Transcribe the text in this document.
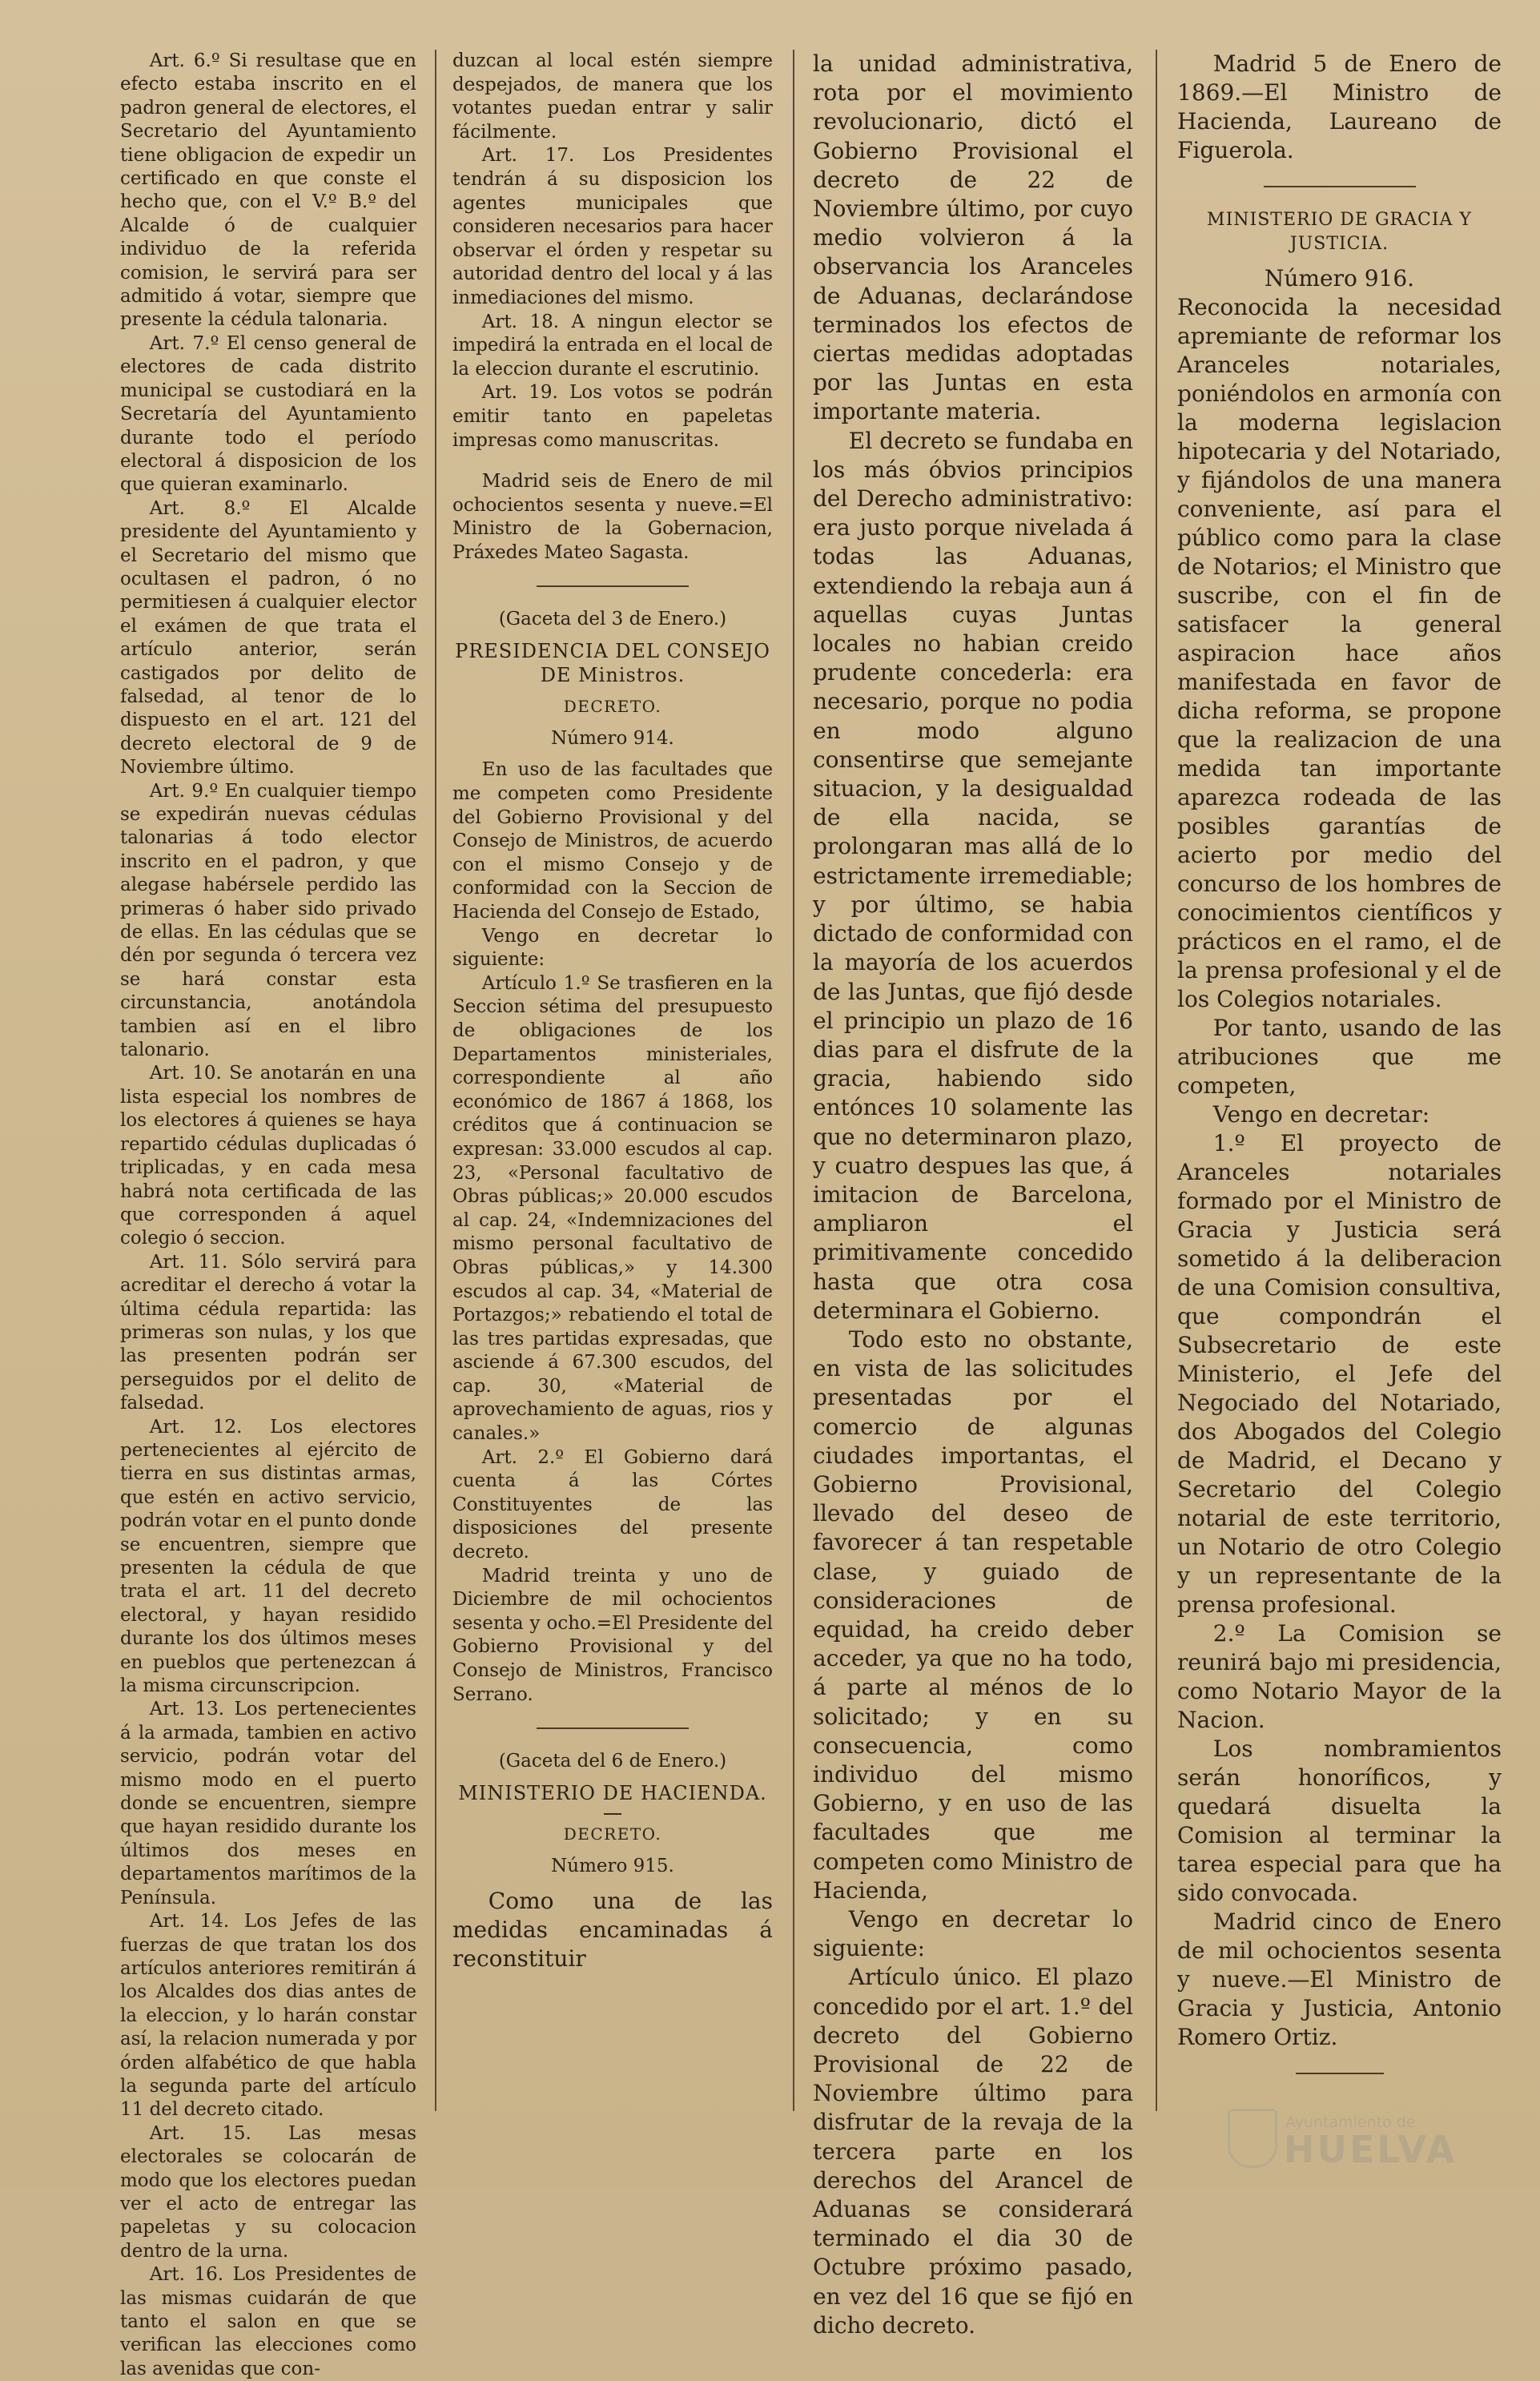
Art. 6.º Si resultase que en efecto estaba inscrito en el padron general de electores, el Secretario del Ayuntamiento tiene obligacion de expedir un certificado en que conste el hecho que, con el V.º B.º del Alcalde ó de cualquier individuo de la referida comision, le servirá para ser admitido á votar, siempre que presente la cédula talonaria.

Art. 7.º El censo general de electores de cada distrito municipal se custodiará en la Secretaría del Ayuntamiento durante todo el período electoral á disposicion de los que quieran examinarlo.

Art. 8.º El Alcalde presidente del Ayuntamiento y el Secretario del mismo que ocultasen el padron, ó no permitiesen á cualquier elector el exámen de que trata el artículo anterior, serán castigados por delito de falsedad, al tenor de lo dispuesto en el art. 121 del decreto electoral de 9 de Noviembre último.

Art. 9.º En cualquier tiempo se expedirán nuevas cédulas talonarias á todo elector inscrito en el padron, y que alegase habérsele perdido las primeras ó haber sido privado de ellas. En las cédulas que se dén por segunda ó tercera vez se hará constar esta circunstancia, anotándola tambien así en el libro talonario.

Art. 10. Se anotarán en una lista especial los nombres de los electores á quienes se haya repartido cédulas duplicadas ó triplicadas, y en cada mesa habrá nota certificada de las que corresponden á aquel colegio ó seccion.

Art. 11. Sólo servirá para acreditar el derecho á votar la última cédula repartida: las primeras son nulas, y los que las presenten podrán ser perseguidos por el delito de falsedad.

Art. 12. Los electores pertenecientes al ejército de tierra en sus distintas armas, que estén en activo servicio, podrán votar en el punto donde se encuentren, siempre que presenten la cédula de que trata el art. 11 del decreto electoral, y hayan residido durante los dos últimos meses en pueblos que pertenezcan á la misma circunscripcion.

Art. 13. Los pertenecientes á la armada, tambien en activo servicio, podrán votar del mismo modo en el puerto donde se encuentren, siempre que hayan residido durante los últimos dos meses en departamentos marítimos de la Península.

Art. 14. Los Jefes de las fuerzas de que tratan los dos artículos anteriores remitirán á los Alcaldes dos dias antes de la eleccion, y lo harán constar así, la relacion numerada y por órden alfabético de que habla la segunda parte del artículo 11 del decreto citado.

Art. 15. Las mesas electorales se colocarán de modo que los electores puedan ver el acto de entregar las papeletas y su colocacion dentro de la urna.

Art. 16. Los Presidentes de las mismas cuidarán de que tanto el salon en que se verifican las elecciones como las avenidas que con-

duzcan al local estén siempre despejados, de manera que los votantes puedan entrar y salir fácilmente.

Art. 17. Los Presidentes tendrán á su disposicion los agentes municipales que consideren necesarios para hacer observar el órden y respetar su autoridad dentro del local y á las inmediaciones del mismo.

Art. 18. A ningun elector se impedirá la entrada en el local de la eleccion durante el escrutinio.

Art. 19. Los votos se podrán emitir tanto en papeletas impresas como manuscritas.

Madrid seis de Enero de mil ochocientos sesenta y nueve.=El Ministro de la Gobernacion, Práxedes Mateo Sagasta.

(Gaceta del 3 de Enero.)

PRESIDENCIA DEL CONSEJO DE Ministros.

DECRETO.

Número 914.

En uso de las facultades que me competen como Presidente del Gobierno Provisional y del Consejo de Ministros, de acuerdo con el mismo Consejo y de conformidad con la Seccion de Hacienda del Consejo de Estado,

Vengo en decretar lo siguiente:

Artículo 1.º Se trasfieren en la Seccion sétima del presupuesto de obligaciones de los Departamentos ministeriales, correspondiente al año económico de 1867 á 1868, los créditos que á continuacion se expresan: 33.000 escudos al cap. 23, «Personal facultativo de Obras públicas;» 20.000 escudos al cap. 24, «Indemnizaciones del mismo personal facultativo de Obras públicas,» y 14.300 escudos al cap. 34, «Material de Portazgos;» rebatiendo el total de las tres partidas expresadas, que asciende á 67.300 escudos, del cap. 30, «Material de aprovechamiento de aguas, rios y canales.»

Art. 2.º El Gobierno dará cuenta á las Córtes Constituyentes de las disposiciones del presente decreto.

Madrid treinta y uno de Diciembre de mil ochocientos sesenta y ocho.=El Presidente del Gobierno Provisional y del Consejo de Ministros, Francisco Serrano.

(Gaceta del 6 de Enero.)

MINISTERIO DE HACIENDA.

DECRETO.

Número 915.

Como una de las medidas encaminadas á reconstituir

la unidad administrativa, rota por el movimiento revolucionario, dictó el Gobierno Provisional el decreto de 22 de Noviembre último, por cuyo medio volvieron á la observancia los Aranceles de Aduanas, declarándose terminados los efectos de ciertas medidas adoptadas por las Juntas en esta importante materia.

El decreto se fundaba en los más óbvios principios del Derecho administrativo: era justo porque nivelada á todas las Aduanas, extendiendo la rebaja aun á aquellas cuyas Juntas locales no habian creido prudente concederla: era necesario, porque no podia en modo alguno consentirse que semejante situacion, y la desigualdad de ella nacida, se prolongaran mas allá de lo estrictamente irremediable; y por último, se habia dictado de conformidad con la mayoría de los acuerdos de las Juntas, que fijó desde el principio un plazo de 16 dias para el disfrute de la gracia, habiendo sido entónces 10 solamente las que no determinaron plazo, y cuatro despues las que, á imitacion de Barcelona, ampliaron el primitivamente concedido hasta que otra cosa determinara el Gobierno.

Todo esto no obstante, en vista de las solicitudes presentadas por el comercio de algunas ciudades importantas, el Gobierno Provisional, llevado del deseo de favorecer á tan respetable clase, y guiado de consideraciones de equidad, ha creido deber acceder, ya que no ha todo, á parte al ménos de lo solicitado; y en su consecuencia, como individuo del mismo Gobierno, y en uso de las facultades que me competen como Ministro de Hacienda,

Vengo en decretar lo siguiente:

Artículo único. El plazo concedido por el art. 1.º del decreto del Gobierno Provisional de 22 de Noviembre último para disfrutar de la revaja de la tercera parte en los derechos del Arancel de Aduanas se considerará terminado el dia 30 de Octubre próximo pasado, en vez del 16 que se fijó en dicho decreto.

Madrid 5 de Enero de 1869.—El Ministro de Hacienda, Laureano de Figuerola.

MINISTERIO DE GRACIA Y JUSTICIA.

Número 916.

Reconocida la necesidad apremiante de reformar los Aranceles notariales, poniéndolos en armonía con la moderna legislacion hipotecaria y del Notariado, y fijándolos de una manera conveniente, así para el público como para la clase de Notarios; el Ministro que suscribe, con el fin de satisfacer la general aspiracion hace años manifestada en favor de dicha reforma, se propone que la realizacion de una medida tan importante aparezca rodeada de las posibles garantías de acierto por medio del concurso de los hombres de conocimientos científicos y prácticos en el ramo, el de la prensa profesional y el de los Colegios notariales.

Por tanto, usando de las atribuciones que me competen,

Vengo en decretar:

1.º El proyecto de Aranceles notariales formado por el Ministro de Gracia y Justicia será sometido á la deliberacion de una Comision consultiva, que compondrán el Subsecretario de este Ministerio, el Jefe del Negociado del Notariado, dos Abogados del Colegio de Madrid, el Decano y Secretario del Colegio notarial de este territorio, un Notario de otro Colegio y un representante de la prensa profesional.

2.º La Comision se reunirá bajo mi presidencia, como Notario Mayor de la Nacion.

Los nombramientos serán honoríficos, y quedará disuelta la Comision al terminar la tarea especial para que ha sido convocada.

Madrid cinco de Enero de mil ochocientos sesenta y nueve.—El Ministro de Gracia y Justicia, Antonio Romero Ortiz.

Ayuntamiento de
HUELVA
